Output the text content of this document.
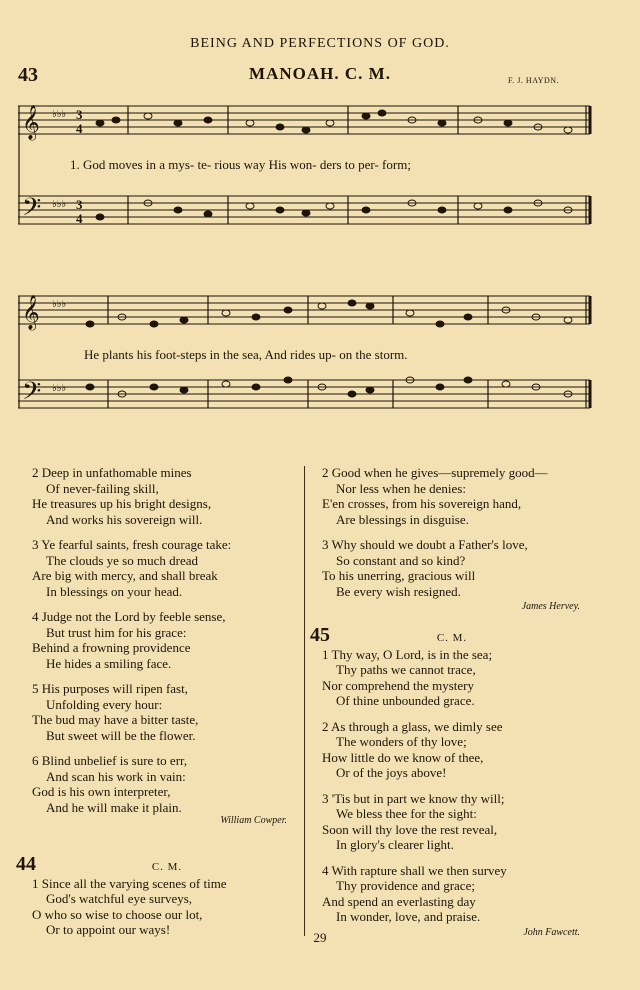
BEING AND PERFECTIONS OF GOD.
43	MANOAH. C. M.	F. J. HAYDN.
𝄞
𝄢
♭♭♭
♭♭♭
3
4
3
4
1. God moves in a mys- te- rious way His won- ders to per- form;
𝄞
𝄢
♭♭♭
♭♭♭
He plants his foot-steps in the sea, And rides up- on the storm.
2 Deep in unfathomable mines
Of never-failing skill,
He treasures up his bright designs,
And works his sovereign will.
3 Ye fearful saints, fresh courage take:
The clouds ye so much dread
Are big with mercy, and shall break
In blessings on your head.
4 Judge not the Lord by feeble sense,
But trust him for his grace:
Behind a frowning providence
He hides a smiling face.
5 His purposes will ripen fast,
Unfolding every hour:
The bud may have a bitter taste,
But sweet will be the flower.
6 Blind unbelief is sure to err,
And scan his work in vain:
God is his own interpreter,
And he will make it plain.
William Cowper.
44	C. M.
1 Since all the varying scenes of time
God's watchful eye surveys,
O who so wise to choose our lot,
Or to appoint our ways!
2 Good when he gives—supremely good—
Nor less when he denies:
E'en crosses, from his sovereign hand,
Are blessings in disguise.
3 Why should we doubt a Father's love,
So constant and so kind?
To his unerring, gracious will
Be every wish resigned.
James Hervey.
45	C. M.
1 Thy way, O Lord, is in the sea;
Thy paths we cannot trace,
Nor comprehend the mystery
Of thine unbounded grace.
2 As through a glass, we dimly see
The wonders of thy love;
How little do we know of thee,
Or of the joys above!
3 'Tis but in part we know thy will;
We bless thee for the sight:
Soon will thy love the rest reveal,
In glory's clearer light.
4 With rapture shall we then survey
Thy providence and grace;
And spend an everlasting day
In wonder, love, and praise.
John Fawcett.
29
